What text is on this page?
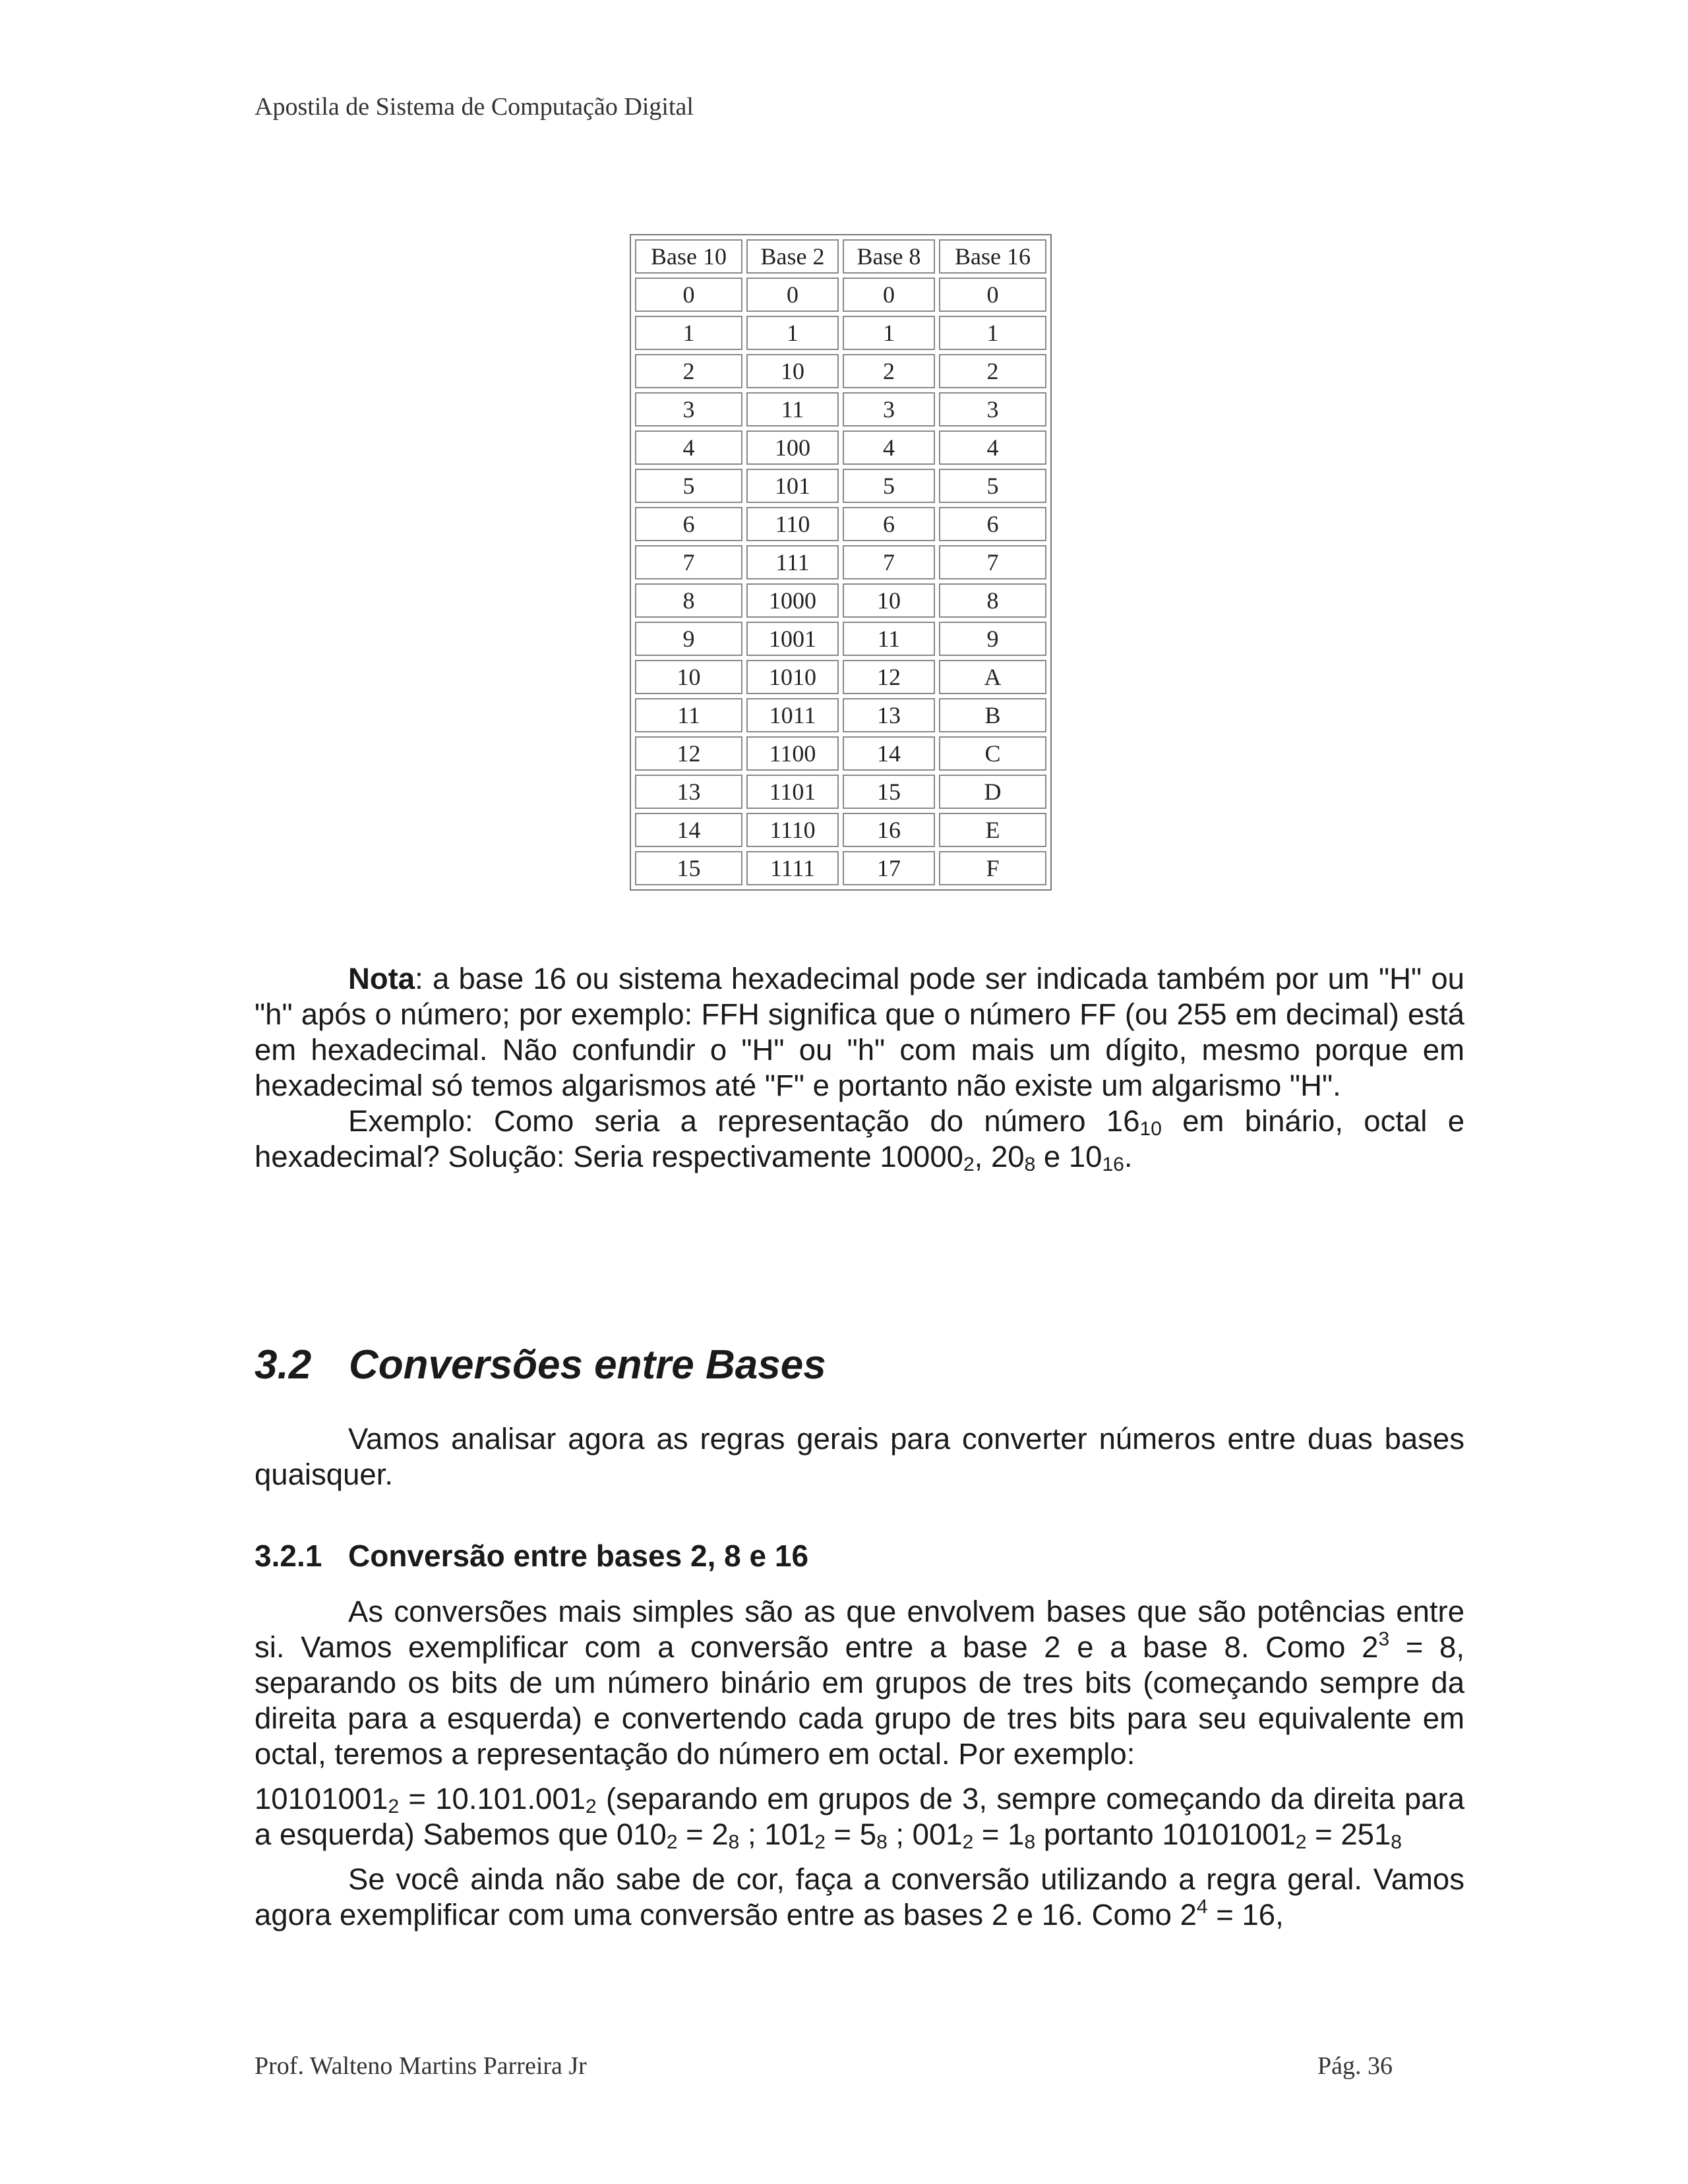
Apostila de Sistema de Computação Digital
Base 10	Base 2	Base 8	Base 16
0	0	0	0
1	1	1	1
2	10	2	2
3	11	3	3
4	100	4	4
5	101	5	5
6	110	6	6
7	111	7	7
8	1000	10	8
9	1001	11	9
10	1010	12	A
11	1011	13	B
12	1100	14	C
13	1101	15	D
14	1110	16	E
15	1111	17	F

Nota: a base 16 ou sistema hexadecimal pode ser indicada também por um "H" ou "h" após o número; por exemplo: FFH significa que o número FF (ou 255 em decimal) está em hexadecimal. Não confundir o "H" ou "h" com mais um dígito, mesmo porque em hexadecimal só temos algarismos até "F" e portanto não existe um algarismo "H".

Exemplo: Como seria a representação do número $16_{10}$ em binário, octal e hexadecimal? Solução: Seria respectivamente $10000_2$, $20_8$ e $10_{16}$.

3.2 Conversões entre Bases

Vamos analisar agora as regras gerais para converter números entre duas bases quaisquer.

3.2.1 Conversão entre bases 2, 8 e 16

As conversões mais simples são as que envolvem bases que são potências entre si. Vamos exemplificar com a conversão entre a base 2 e a base 8. Como $2^3 = 8$, separando os bits de um número binário em grupos de tres bits (começando sempre da direita para a esquerda) e convertendo cada grupo de tres bits para seu equivalente em octal, teremos a representação do número em octal. Por exemplo:

$10101001_2 = 10.101.001_2$ (separando em grupos de 3, sempre começando da direita para a esquerda) Sabemos que $010_2 = 2_8$ ; $101_2 = 5_8$ ; $001_2 = 1_8$ portanto $10101001_2 = 251_8$

Se você ainda não sabe de cor, faça a conversão utilizando a regra geral. Vamos agora exemplificar com uma conversão entre as bases 2 e 16. Como $2^4 = 16$,

Prof. Walteno Martins Parreira Jr	Pág. 36
